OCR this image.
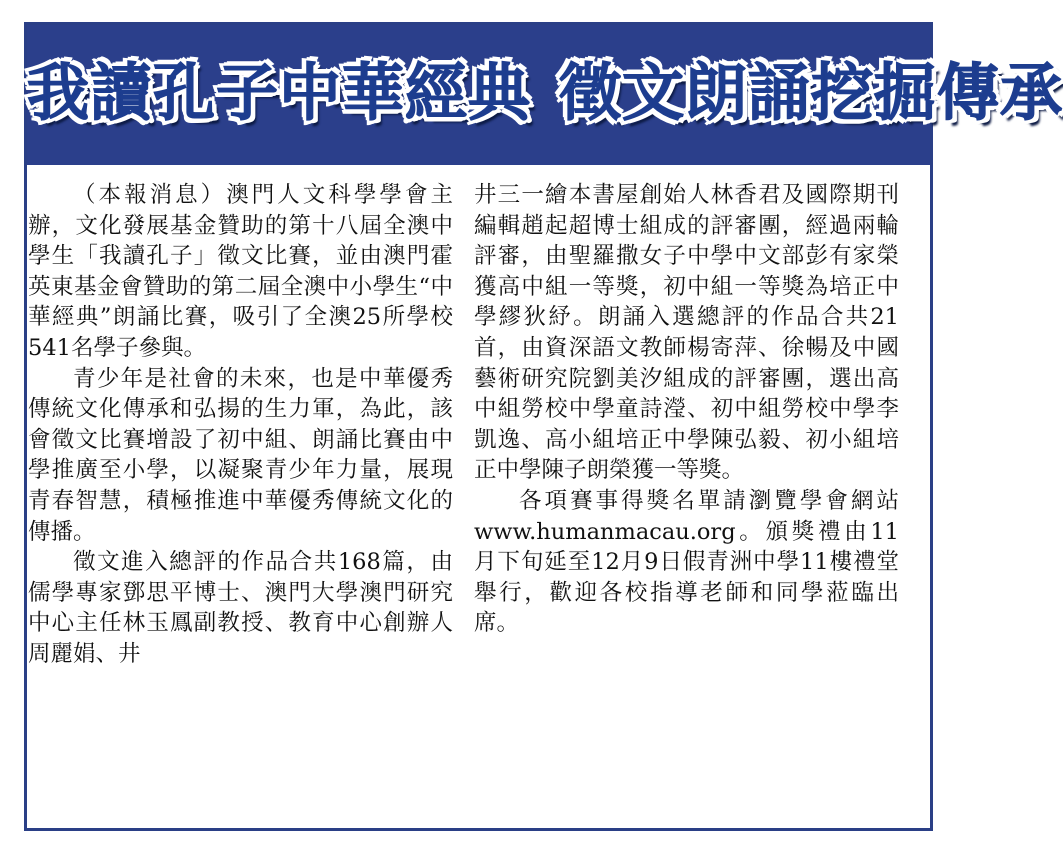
我讀孔子中華經典 徵文朗誦挖掘傳承

（本報消息）澳門人文科學學會主辦，文化發展基金贊助的第十八屆全澳中學生「我讀孔子」徵文比賽，並由澳門霍英東基金會贊助的第二屆全澳中小學生“中華經典”朗誦比賽，吸引了全澳25所學校541名學子參與。

青少年是社會的未來，也是中華優秀傳統文化傳承和弘揚的生力軍，為此，該會徵文比賽增設了初中組、朗誦比賽由中學推廣至小學，以凝聚青少年力量，展現青春智慧，積極推進中華優秀傳統文化的傳播。

徵文進入總評的作品合共168篇，由儒學專家鄧思平博士、澳門大學澳門研究中心主任林玉鳳副教授、教育中心創辦人周麗娟、井

井三一繪本書屋創始人林香君及國際期刊編輯趙起超博士組成的評審團，經過兩輪評審，由聖羅撒女子中學中文部彭有家榮獲高中組一等獎，初中組一等獎為培正中學繆狄紓。朗誦入選總評的作品合共21首，由資深語文教師楊寄萍、徐暢及中國藝術研究院劉美汐組成的評審團，選出高中組勞校中學童詩瀅、初中組勞校中學李凱逸、高小組培正中學陳弘毅、初小組培正中學陳子朗榮獲一等獎。

各項賽事得獎名單請瀏覽學會網站www.humanmacau.org。頒獎禮由11月下旬延至12月9日假青洲中學11樓禮堂舉行，歡迎各校指導老師和同學蒞臨出席。
